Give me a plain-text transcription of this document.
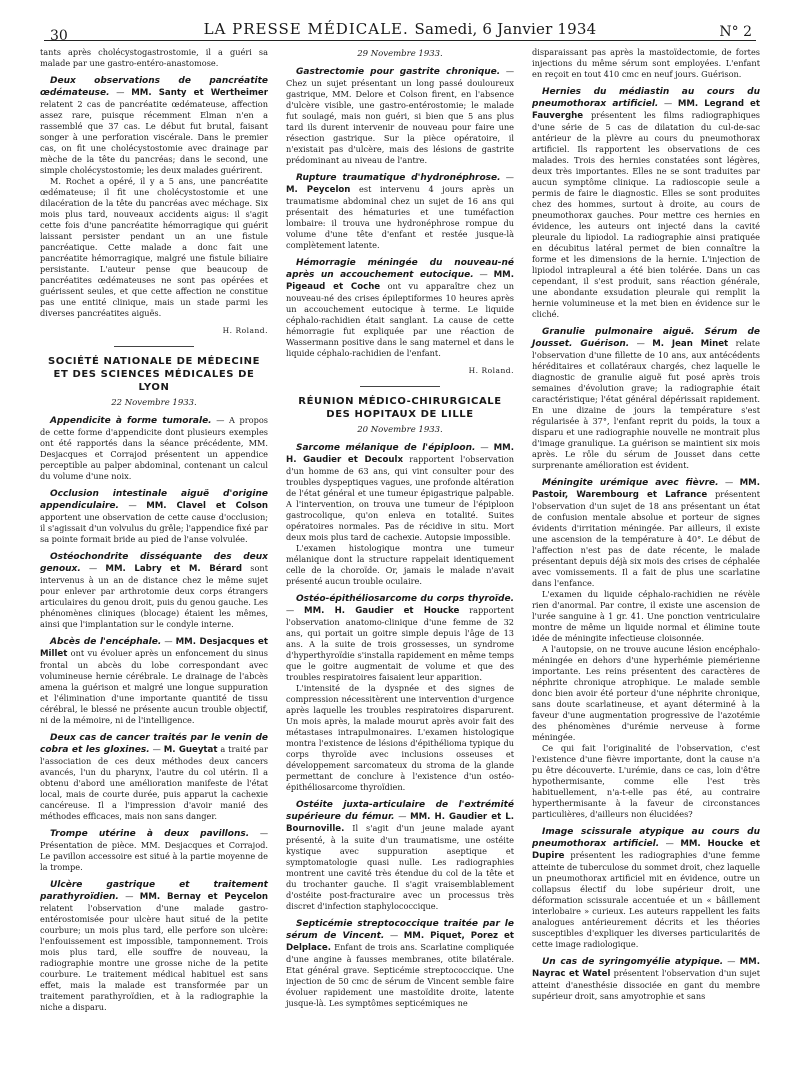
30	LA PRESSE MÉDICALE. Samedi, 6 Janvier 1934	N° 2

tants après cholécystogastrostomie, il a guéri sa malade par une gastro-entéro-anastomose.

Deux observations de pancréatite œdémateuse. — MM. Santy et Wertheimer relatent 2 cas de pancréatite œdémateuse, affection assez rare, puisque récemment Elman n'en a rassemblé que 37 cas. Le début fut brutal, faisant songer à une perforation viscérale. Dans le premier cas, on fit une cholécystostomie avec drainage par mèche de la tête du pancréas; dans le second, une simple cholécystostomie; les deux malades guérirent.

M. Rochet a opéré, il y a 5 ans, une pancréatite œdémateuse; il fit une cholécystostomie et une dilacération de la tête du pancréas avec méchage. Six mois plus tard, nouveaux accidents aigus: il s'agit cette fois d'une pancréatite hémorragique qui guérit laissant persister pendant un an une fistule pancréatique. Cette malade a donc fait une pancréatite hémorragique, malgré une fistule biliaire persistante. L'auteur pense que beaucoup de pancréatites œdémateuses ne sont pas opérées et guérissent seules, et que cette affection ne constitue pas une entité clinique, mais un stade parmi les diverses pancréatites aiguës.

H. Roland.
SOCIÉTÉ NATIONALE DE MÉDECINE ET DES SCIENCES MÉDICALES DE LYON
22 Novembre 1933.

Appendicite à forme tumorale. — A propos de cette forme d'appendicite dont plusieurs exemples ont été rapportés dans la séance précédente, MM. Desjacques et Corrajod présentent un appendice perceptible au palper abdominal, contenant un calcul du volume d'une noix.

Occlusion intestinale aiguë d'origine appendiculaire. — MM. Clavel et Colson apportent une observation de cette cause d'occlusion; il s'agissait d'un volvulus du grêle; l'appendice fixé par sa pointe formait bride au pied de l'anse volvulée.

Ostéochondrite disséquante des deux genoux. — MM. Labry et M. Bérard sont intervenus à un an de distance chez le même sujet pour enlever par arthrotomie deux corps étrangers articulaires du genou droit, puis du genou gauche. Les phénomènes cliniques (blocage) étaient les mêmes, ainsi que l'implantation sur le condyle interne.

Abcès de l'encéphale. — MM. Desjacques et Millet ont vu évoluer après un enfoncement du sinus frontal un abcès du lobe correspondant avec volumineuse hernie cérébrale. Le drainage de l'abcès amena la guérison et malgré une longue suppuration et l'élimination d'une importante quantité de tissu cérébral, le blessé ne présente aucun trouble objectif, ni de la mémoire, ni de l'intelligence.

Deux cas de cancer traités par le venin de cobra et les gloxines. — M. Gueytat a traité par l'association de ces deux méthodes deux cancers avancés, l'un du pharynx, l'autre du col utérin. Il a obtenu d'abord une amélioration manifeste de l'état local, mais de courte durée, puis apparut la cachexie cancéreuse. Il a l'impression d'avoir manié des méthodes efficaces, mais non sans danger.

Trompe utérine à deux pavillons. — Présentation de pièce. MM. Desjacques et Corrajod. Le pavillon accessoire est situé à la partie moyenne de la trompe.

Ulcère gastrique et traitement parathyroïdien. — MM. Bernay et Peycelon relatent l'observation d'une malade gastro-entérostomisée pour ulcère haut situé de la petite courbure; un mois plus tard, elle perfore son ulcère: l'enfouissement est impossible, tamponnement. Trois mois plus tard, elle souffre de nouveau, la radiographie montre une grosse niche de la petite courbure. Le traitement médical habituel est sans effet, mais la malade est transformée par un traitement parathyroïdien, et à la radiographie la niche a disparu.

29 Novembre 1933.

Gastrectomie pour gastrite chronique. — Chez un sujet présentant un long passé douloureux gastrique, MM. Delore et Colson firent, en l'absence d'ulcère visible, une gastro-entérostomie; le malade fut soulagé, mais non guéri, si bien que 5 ans plus tard ils durent intervenir de nouveau pour faire une résection gastrique. Sur la pièce opératoire, il n'existait pas d'ulcère, mais des lésions de gastrite prédominant au niveau de l'antre.

Rupture traumatique d'hydronéphrose. — M. Peycelon est intervenu 4 jours après un traumatisme abdominal chez un sujet de 16 ans qui présentait des hématuries et une tuméfaction lombaire: il trouva une hydronéphrose rompue du volume d'une tête d'enfant et restée jusque-là complètement latente.

Hémorragie méningée du nouveau-né après un accouchement eutocique. — MM. Pigeaud et Coche ont vu apparaître chez un nouveau-né des crises épileptiformes 10 heures après un accouchement eutocique à terme. Le liquide céphalo-rachidien était sanglant. La cause de cette hémorragie fut expliquée par une réaction de Wassermann positive dans le sang maternel et dans le liquide céphalo-rachidien de l'enfant.

H. Roland.
RÉUNION MÉDICO-CHIRURGICALE DES HOPITAUX DE LILLE
20 Novembre 1933.

Sarcome mélanique de l'épiploon. — MM. H. Gaudier et Decoulx rapportent l'observation d'un homme de 63 ans, qui vint consulter pour des troubles dyspeptiques vagues, une profonde altération de l'état général et une tumeur épigastrique palpable. A l'intervention, on trouva une tumeur de l'épiploon gastrocolique, qu'on enleva en totalité. Suites opératoires normales. Pas de récidive in situ. Mort deux mois plus tard de cachexie. Autopsie impossible.

L'examen histologique montra une tumeur mélanique dont la structure rappelait identiquement celle de la choroïde. Or, jamais le malade n'avait présenté aucun trouble oculaire.

Ostéo-épithéliosarcome du corps thyroïde. — MM. H. Gaudier et Houcke rapportent l'observation anatomo-clinique d'une femme de 32 ans, qui portait un goitre simple depuis l'âge de 13 ans. A la suite de trois grossesses, un syndrome d'hyperthyroïdie s'installa rapidement en même temps que le goitre augmentait de volume et que des troubles respiratoires faisaient leur apparition.

L'intensité de la dyspnée et des signes de compression nécessitèrent une intervention d'urgence après laquelle les troubles respiratoires disparurent. Un mois après, la malade mourut après avoir fait des métastases intrapulmonaires. L'examen histologique montra l'existence de lésions d'épithélioma typique du corps thyroïde avec inclusions osseuses et développement sarcomateux du stroma de la glande permettant de conclure à l'existence d'un ostéo-épithéliosarcome thyroïdien.

Ostéite juxta-articulaire de l'extrémité supérieure du fémur. — MM. H. Gaudier et L. Bournoville. Il s'agit d'un jeune malade ayant présenté, à la suite d'un traumatisme, une ostéite kystique avec suppuration aseptique et symptomatologie quasi nulle. Les radiographies montrent une cavité très étendue du col de la tête et du trochanter gauche. Il s'agit vraisemblablement d'ostéite post-fracturaire avec un processus très discret d'infection staphylococcique.

Septicémie streptococcique traitée par le sérum de Vincent. — MM. Piquet, Porez et Delplace. Enfant de trois ans. Scarlatine compliquée d'une angine à fausses membranes, otite bilatérale. Etat général grave. Septicémie streptococcique. Une injection de 50 cmc de sérum de Vincent semble faire évoluer rapidement une mastoïdite droite, latente jusque-là. Les symptômes septicémiques ne

disparaissant pas après la mastoïdectomie, de fortes injections du même sérum sont employées. L'enfant en reçoit en tout 410 cmc en neuf jours. Guérison.

Hernies du médiastin au cours du pneumothorax artificiel. — MM. Legrand et Fauverghe présentent les films radiographiques d'une série de 5 cas de dilatation du cul-de-sac antérieur de la plèvre au cours du pneumothorax artificiel. Ils rapportent les observations de ces malades. Trois des hernies constatées sont légères, deux très importantes. Elles ne se sont traduites par aucun symptôme clinique. La radioscopie seule a permis de faire le diagnostic. Elles se sont produites chez des hommes, surtout à droite, au cours de pneumothorax gauches. Pour mettre ces hernies en évidence, les auteurs ont injecté dans la cavité pleurale du lipiodol. La radiographie ainsi pratiquée en décubitus latéral permet de bien connaître la forme et les dimensions de la hernie. L'injection de lipiodol intrapleural a été bien tolérée. Dans un cas cependant, il s'est produit, sans réaction générale, une abondante exsudation pleurale qui remplit la hernie volumineuse et la met bien en évidence sur le cliché.

Granulie pulmonaire aiguë. Sérum de Jousset. Guérison. — M. Jean Minet relate l'observation d'une fillette de 10 ans, aux antécédents héréditaires et collatéraux chargés, chez laquelle le diagnostic de granulie aiguë fut posé après trois semaines d'évolution grave; la radiographie était caractéristique; l'état général dépérissait rapidement. En une dizaine de jours la température s'est régularisée à 37°, l'enfant reprit du poids, la toux a disparu et une radiographie nouvelle ne montrait plus d'image granulique. La guérison se maintient six mois après. Le rôle du sérum de Jousset dans cette surprenante amélioration est évident.

Méningite urémique avec fièvre. — MM. Pastoir, Warembourg et Lafrance présentent l'observation d'un sujet de 18 ans présentant un état de confusion mentale absolue et porteur de signes évidents d'irritation méningée. Par ailleurs, il existe une ascension de la température à 40°. Le début de l'affection n'est pas de date récente, le malade présentant depuis déjà six mois des crises de céphalée avec vomissements. Il a fait de plus une scarlatine dans l'enfance.

L'examen du liquide céphalo-rachidien ne révèle rien d'anormal. Par contre, il existe une ascension de l'urée sanguine à 1 gr. 41. Une ponction ventriculaire montre de même un liquide normal et élimine toute idée de méningite infectieuse cloisonnée.

A l'autopsie, on ne trouve aucune lésion encéphalo-méningée en dehors d'une hyperhémie piemérienne importante. Les reins présentent des caractères de néphrite chronique atrophique. Le malade semble donc bien avoir été porteur d'une néphrite chronique, sans doute scarlatineuse, et ayant déterminé à la faveur d'une augmentation progressive de l'azotémie des phénomènes d'urémie nerveuse à forme méningée.

Ce qui fait l'originalité de l'observation, c'est l'existence d'une fièvre importante, dont la cause n'a pu être découverte. L'urémie, dans ce cas, loin d'être hypothermisante, comme elle l'est très habituellement, n'a-t-elle pas été, au contraire hyperthermisante à la faveur de circonstances particulières, d'ailleurs non élucidées?

Image scissurale atypique au cours du pneumothorax artificiel. — MM. Houcke et Dupire présentent les radiographies d'une femme atteinte de tuberculose du sommet droit, chez laquelle un pneumothorax artificiel mit en évidence, outre un collapsus électif du lobe supérieur droit, une déformation scissurale accentuée et un « bâillement interlobaire » curieux. Les auteurs rappellent les faits analogues antérieurement décrits et les théories susceptibles d'expliquer les diverses particularités de cette image radiologique.

Un cas de syringomyélie atypique. — MM. Nayrac et Watel présentent l'observation d'un sujet atteint d'anesthésie dissociée en gant du membre supérieur droit, sans amyotrophie et sans
